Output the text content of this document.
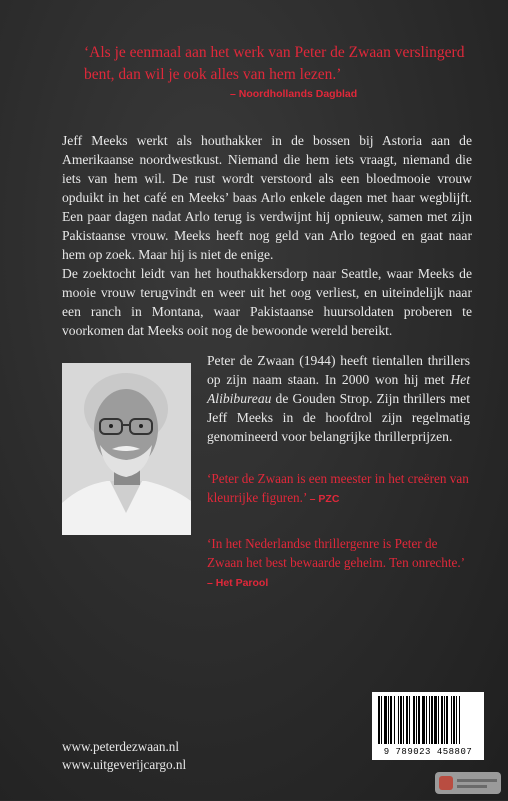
‘Als je eenmaal aan het werk van Peter de Zwaan verslingerd bent, dan wil je ook alles van hem lezen.’
– Noordhollands Dagblad

Jeff Meeks werkt als houthakker in de bossen bij Astoria aan de Amerikaanse noordwestkust. Niemand die hem iets vraagt, niemand die iets van hem wil. De rust wordt verstoord als een bloedmooie vrouw opduikt in het café en Meeks’ baas Arlo enkele dagen met haar wegblijft. Een paar dagen nadat Arlo terug is verdwijnt hij opnieuw, samen met zijn Pakistaanse vrouw. Meeks heeft nog geld van Arlo tegoed en gaat naar hem op zoek. Maar hij is niet de enige.

De zoektocht leidt van het houthakkersdorp naar Seattle, waar Meeks de mooie vrouw terugvindt en weer uit het oog verliest, en uiteindelijk naar een ranch in Montana, waar Pakistaanse huursoldaten proberen te voorkomen dat Meeks ooit nog de bewoonde wereld bereikt.

Peter de Zwaan (1944) heeft tientallen thrillers op zijn naam staan. In 2000 won hij met Het Alibibureau de Gouden Strop. Zijn thrillers met Jeff Meeks in de hoofdrol zijn regelmatig genomineerd voor belangrijke thrillerprijzen.
‘Peter de Zwaan is een meester in het creëren van kleurrijke figuren.’ – PZC
‘In het Nederlandse thrillergenre is Peter de Zwaan het best bewaarde geheim. Ten onrechte.’ – Het Parool
www.peterdezwaan.nl
www.uitgeverijcargo.nl
9 789023 458807
